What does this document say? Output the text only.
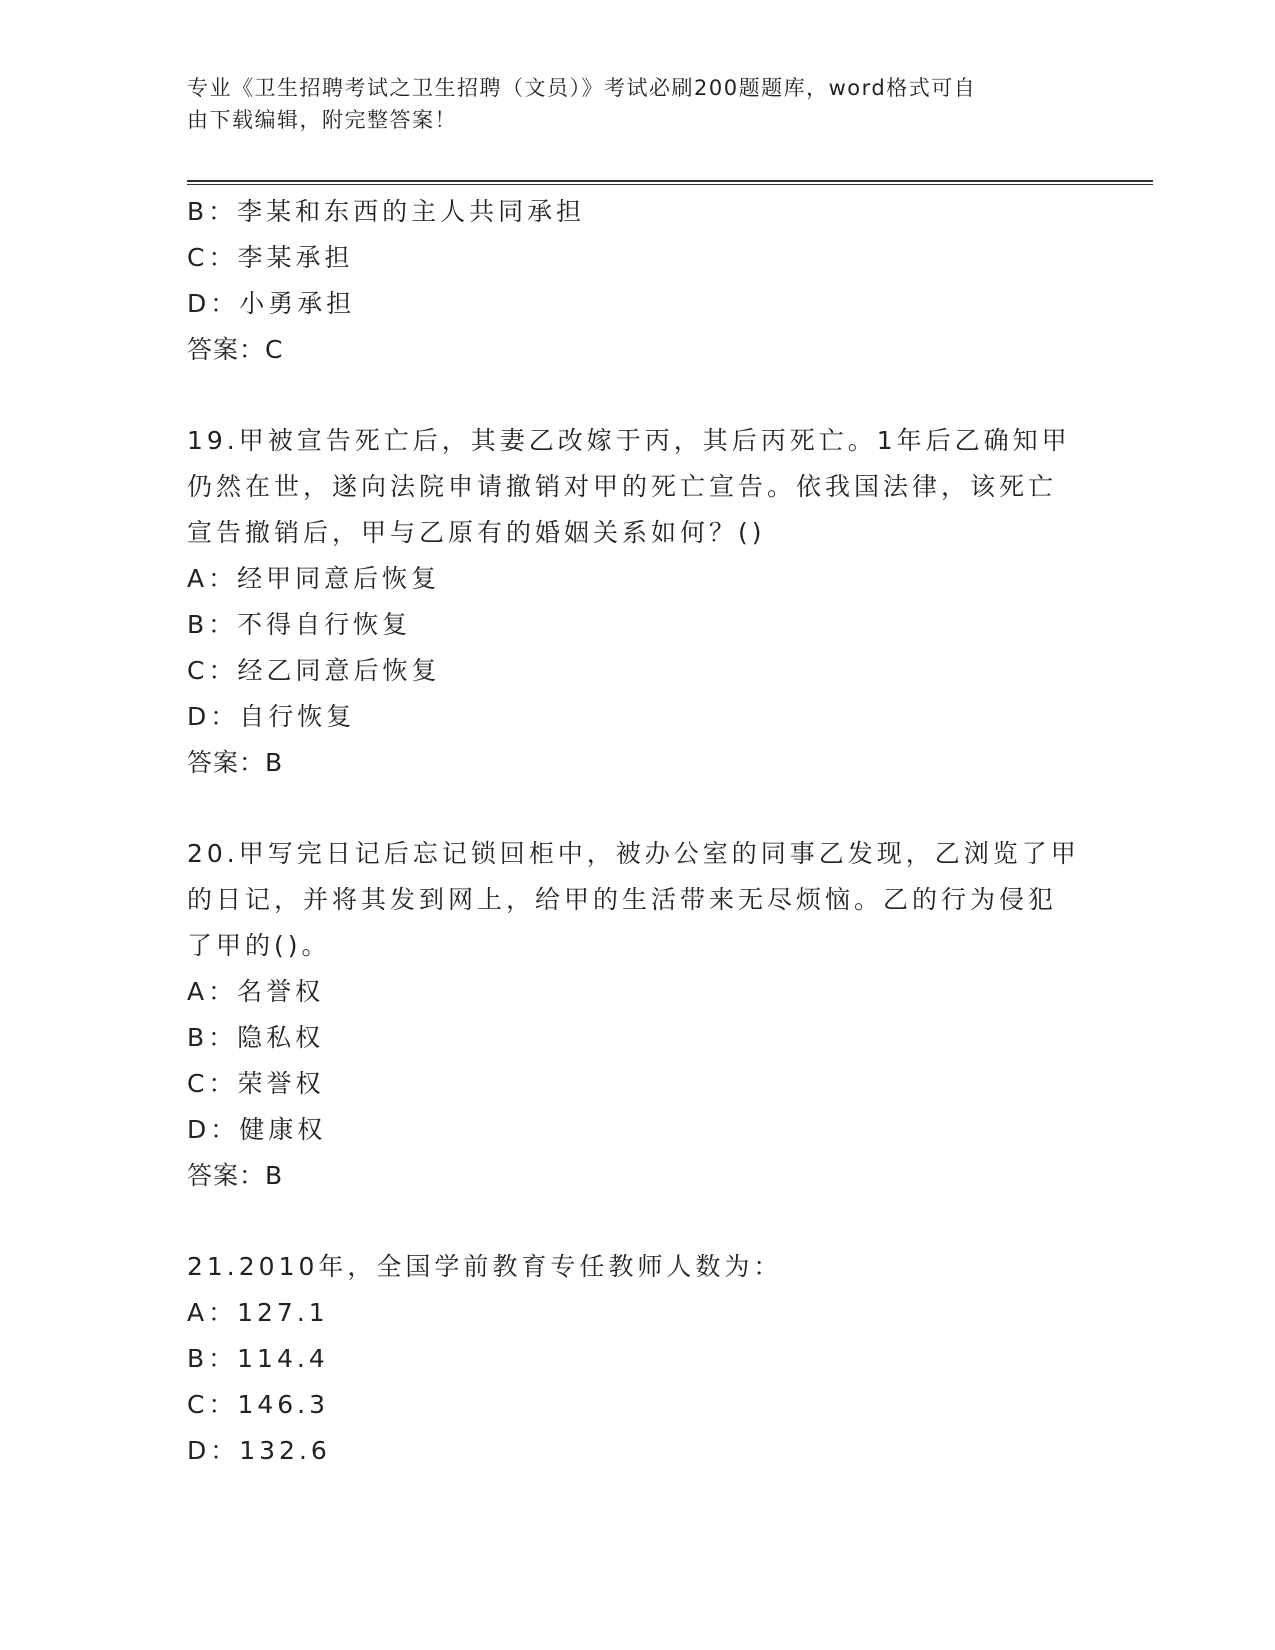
专业《卫生招聘考试之卫生招聘（文员）》考试必刷200题题库，word格式可自
由下载编辑，附完整答案！
B：李某和东西的主人共同承担
C：李某承担
D：小勇承担
答案：C
19.甲被宣告死亡后，其妻乙改嫁于丙，其后丙死亡。1年后乙确知甲
仍然在世，遂向法院申请撤销对甲的死亡宣告。依我国法律，该死亡
宣告撤销后，甲与乙原有的婚姻关系如何？()
A：经甲同意后恢复
B：不得自行恢复
C：经乙同意后恢复
D：自行恢复
答案：B
20.甲写完日记后忘记锁回柜中，被办公室的同事乙发现，乙浏览了甲
的日记，并将其发到网上，给甲的生活带来无尽烦恼。乙的行为侵犯
了甲的()。
A：名誉权
B：隐私权
C：荣誉权
D：健康权
答案：B
21.2010年，全国学前教育专任教师人数为：
A：127.1
B：114.4
C：146.3
D：132.6
